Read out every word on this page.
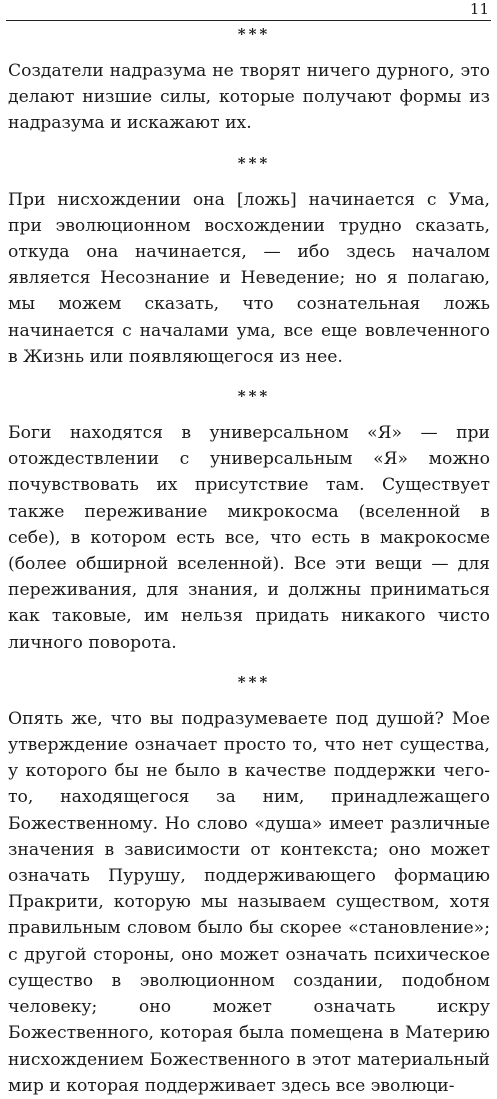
11

***

Создатели надразума не творят ничего дурного, это делают низшие силы, которые получают формы из надразума и искажают их.

***

При нисхождении она [ложь] начинается с Ума, при эволюционном восхождении трудно сказать, откуда она начинается, — ибо здесь началом является Несознание и Неведение; но я полагаю, мы можем сказать, что сознательная ложь начинается с началами ума, все еще вовлеченного в Жизнь или появляющегося из нее.

***

Боги находятся в универсальном «Я» — при отождествлении с универсальным «Я» можно почувствовать их присутствие там. Существует также переживание микрокосма (вселенной в себе), в котором есть все, что есть в макрокосме (более обширной вселенной). Все эти вещи — для переживания, для знания, и должны приниматься как таковые, им нельзя придать никакого чисто личного поворота.

***

Опять же, что вы подразумеваете под душой? Мое утверждение означает просто то, что нет существа, у которого бы не было в качестве поддержки чего-то, находящегося за ним, принадлежащего Божественному. Но слово «душа» имеет различные значения в зависимости от контекста; оно может означать Пурушу, поддерживающего формацию Пракрити, которую мы называем существом, хотя правильным словом было бы скорее «становление»; с другой стороны, оно может означать психическое существо в эволюционном создании, подобном человеку; оно может означать искру Божественного, которая была помещена в Материю нисхождением Божественного в этот материальный мир и которая поддерживает здесь все эволюци-
